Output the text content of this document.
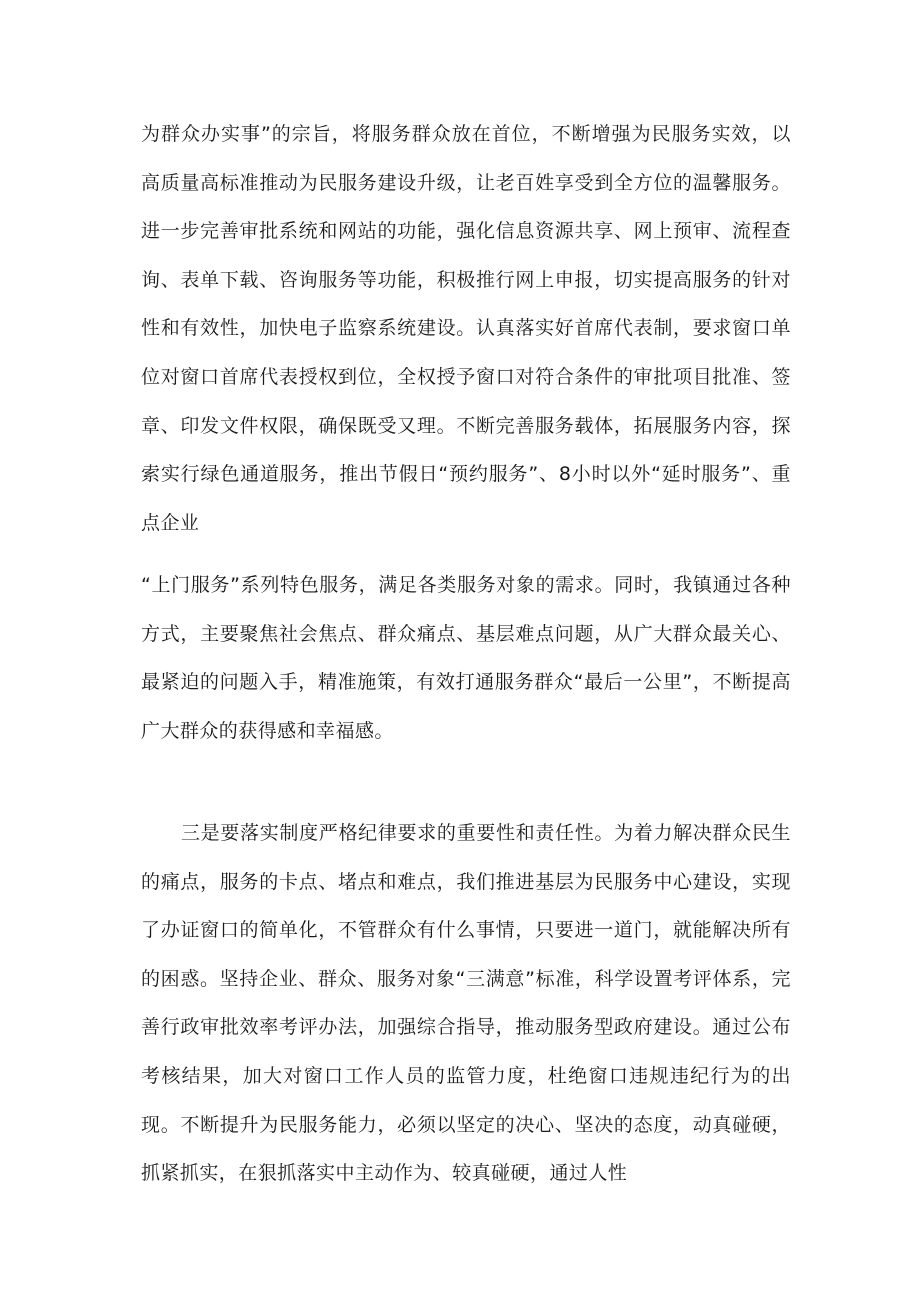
为群众办实事”的宗旨，将服务群众放在首位，不断增强为民服务实效，以高质量高标准推动为民服务建设升级，让老百姓享受到全方位的温馨服务。进一步完善审批系统和网站的功能，强化信息资源共享、网上预审、流程查询、表单下载、咨询服务等功能，积极推行网上申报，切实提高服务的针对性和有效性，加快电子监察系统建设。认真落实好首席代表制，要求窗口单位对窗口首席代表授权到位，全权授予窗口对符合条件的审批项目批准、签章、印发文件权限，确保既受又理。不断完善服务载体，拓展服务内容，探索实行绿色通道服务，推出节假日“预约服务”、8小时以外“延时服务”、重点企业

“上门服务”系列特色服务，满足各类服务对象的需求。同时，我镇通过各种方式，主要聚焦社会焦点、群众痛点、基层难点问题，从广大群众最关心、最紧迫的问题入手，精准施策，有效打通服务群众“最后一公里”，不断提高广大群众的获得感和幸福感。

三是要落实制度严格纪律要求的重要性和责任性。为着力解决群众民生的痛点，服务的卡点、堵点和难点，我们推进基层为民服务中心建设，实现了办证窗口的简单化，不管群众有什么事情，只要进一道门，就能解决所有的困惑。坚持企业、群众、服务对象“三满意”标准，科学设置考评体系，完善行政审批效率考评办法，加强综合指导，推动服务型政府建设。通过公布考核结果，加大对窗口工作人员的监管力度，杜绝窗口违规违纪行为的出现。不断提升为民服务能力，必须以坚定的决心、坚决的态度，动真碰硬，抓紧抓实，在狠抓落实中主动作为、较真碰硬，通过人性
